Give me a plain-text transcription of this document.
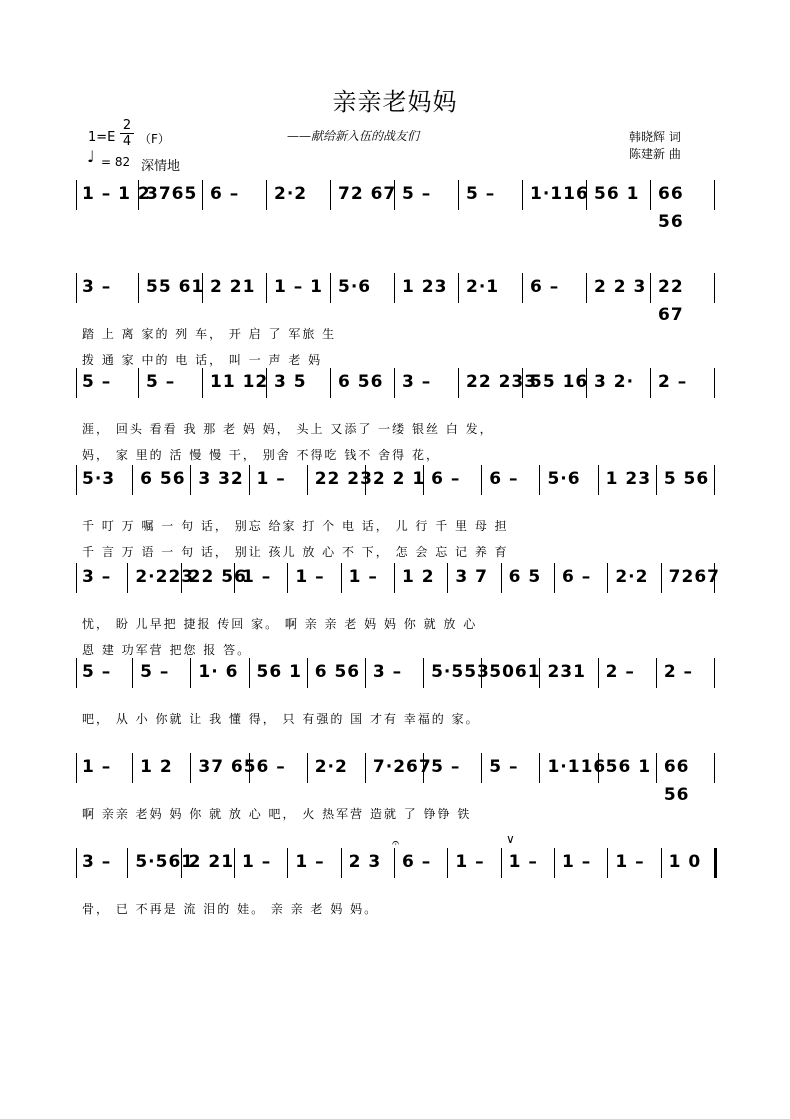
亲亲老妈妈
——献给新入伍的战友们	韩晓辉 词
陈建新 曲
1=E
2
4 （F）
♩ = 82 深情地
1 – 1 2
3765 6 – 2·2 72 67 5 – 5 – 1·116 56 1 66 56
3 – 55 61 2 21 1 – 1 5·6 1 23 2·1 6 – 2 2 3 22 67
踏 上 离 家的 列 车， 开 启 了 军旅 生
拨 通 家 中的 电 话， 叫 一 声 老 妈
5 – 5 – 11 12 3 5 6 56 3 – 22 233
55 16 3 2· 2 –
涯， 回头 看看 我 那 老 妈 妈， 头上 又添了 一缕 银丝 白 发，
妈， 家 里的 活 慢 慢 干， 别舍 不得吃 钱不 舍得 花，
5·3 6 56 3 32 1 – 22 23 2 2 1 6 – 6 – 5·6 1 23 5 56
千 叮 万 嘱 一 句 话， 别忘 给家 打 个 电 话， 儿 行 千 里 母 担
千 言 万 语 一 句 话， 别让 孩儿 放 心 不 下， 怎 会 忘 记 养 育
3 – 2·223
22 56
1 – 1 – 1 – 1 2 3 7 6 5 6 – 2·2 7267
忧， 盼 儿早把 捷报 传回 家。 啊 亲 亲 老 妈 妈 你 就 放 心
恩 建 功军营 把您 报 答。
5 – 5 – 1· 6 56 1 6 56 3 – 5·553 5061 231 2 – 2 –
吧， 从 小 你就 让 我 懂 得， 只 有强的 国 才有 幸福的 家。
1 – 1 2 37 65 6 – 2·2 7·267 5 – 5 – 1·116 56 1 66 56
啊 亲亲 老妈 妈 你 就 放 心 吧， 火 热军营 造就 了 铮铮 铁
3 – 5·561
2 21 1 – 1 – 2 3 6 – 1 – 1 – 1 – 1 – 1 0
骨， 已 不再是 流 泪的 娃。 亲 亲 老 妈 妈。
𝄐	∨
